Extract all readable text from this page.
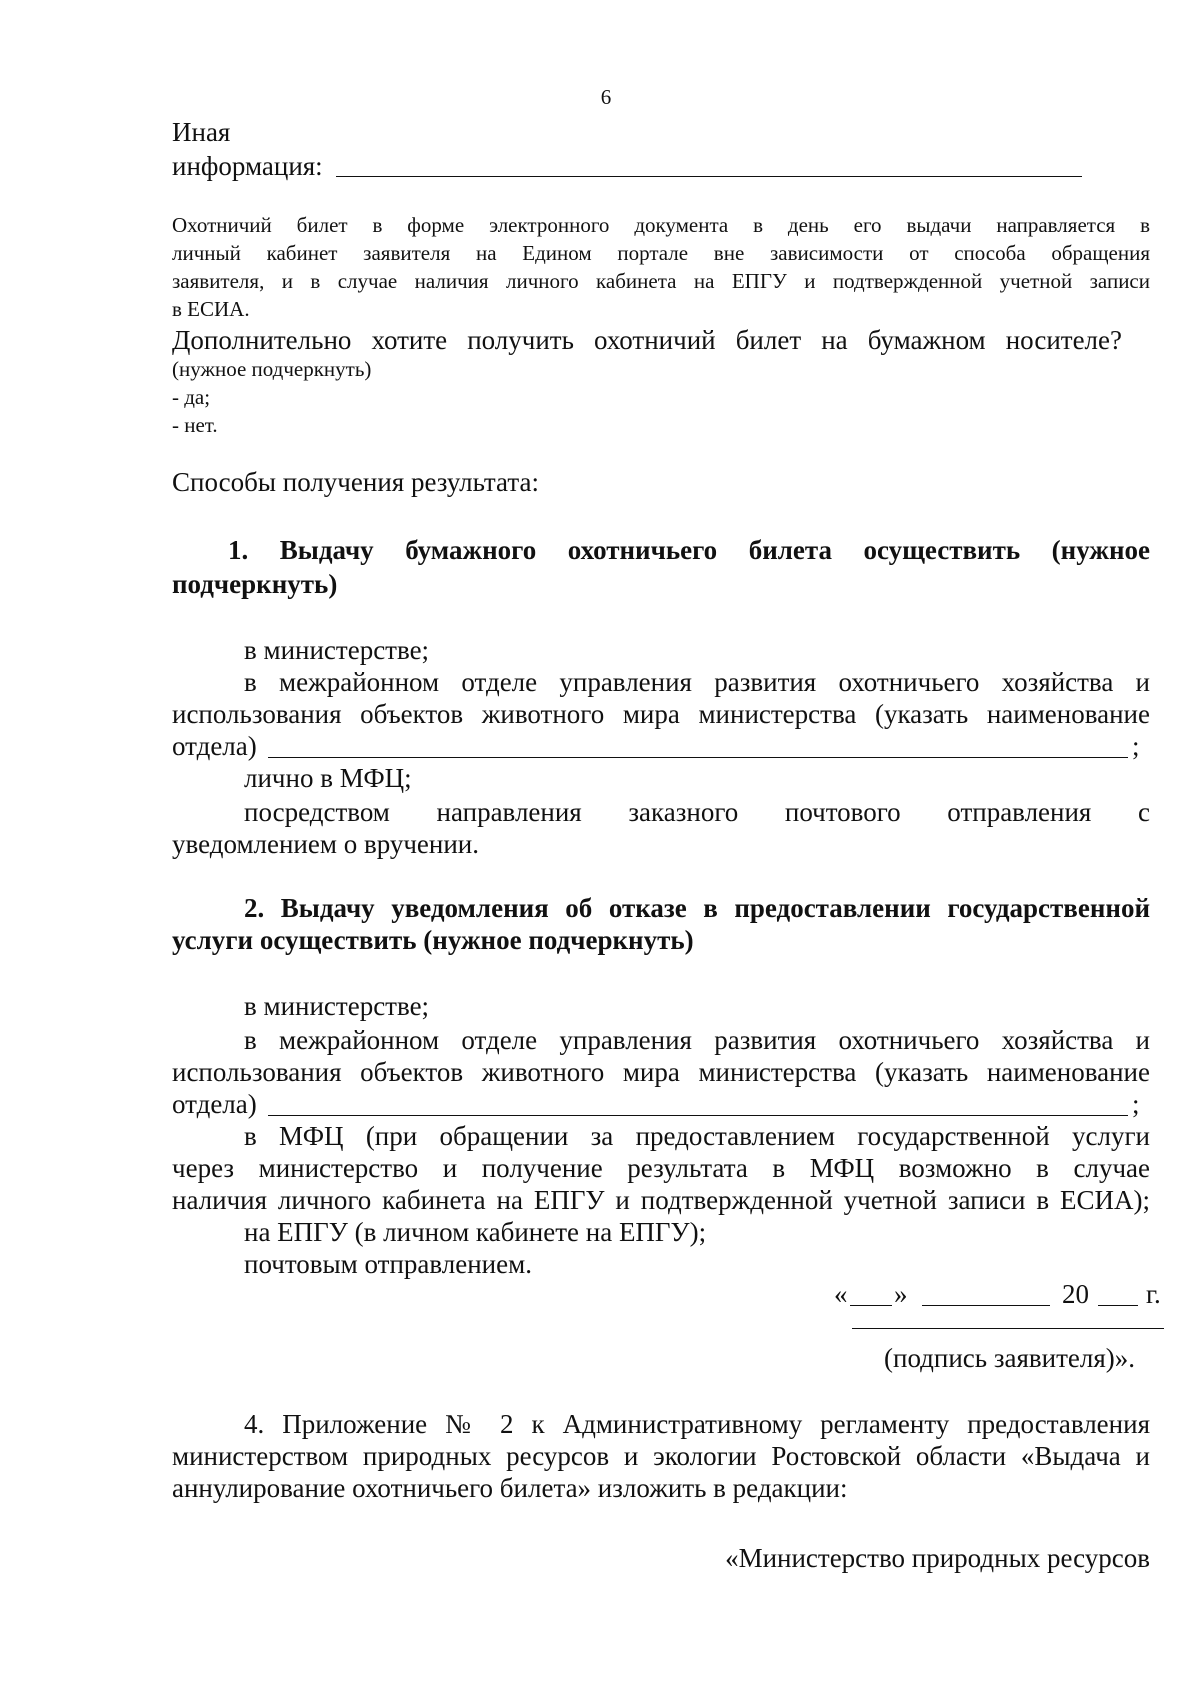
6
Иная
информация:
Охотничий билет в форме электронного документа в день его выдачи направляется в
личный кабинет заявителя на Едином портале вне зависимости от способа обращения
заявителя, и в случае наличия личного кабинета на ЕПГУ и подтвержденной учетной записи
в ЕСИА.
Дополнительно хотите получить охотничий билет на бумажном носителе?
(нужное подчеркнуть)
- да;
- нет.
Способы получения результата:
1. Выдачу бумажного охотничьего билета осуществить (нужное
подчеркнуть)
в министерстве;
в межрайонном отделе управления развития охотничьего хозяйства и
использования объектов животного мира министерства (указать наименование
отдела)	;
лично в МФЦ;
посредством направления заказного почтового отправления с
уведомлением о вручении.
2. Выдачу уведомления об отказе в предоставлении государственной
услуги осуществить (нужное подчеркнуть)
в министерстве;
в межрайонном отделе управления развития охотничьего хозяйства и
использования объектов животного мира министерства (указать наименование
отдела)	;
в МФЦ (при обращении за предоставлением государственной услуги
через министерство и получение результата в МФЦ возможно в случае
наличия личного кабинета на ЕПГУ и подтвержденной учетной записи в ЕСИА);
на ЕПГУ (в личном кабинете на ЕПГУ);
почтовым отправлением.
« »	20 г.
(подпись заявителя)».
4. Приложение № 2 к Административному регламенту предоставления
министерством природных ресурсов и экологии Ростовской области «Выдача и
аннулирование охотничьего билета» изложить в редакции:
«Министерство природных ресурсов
